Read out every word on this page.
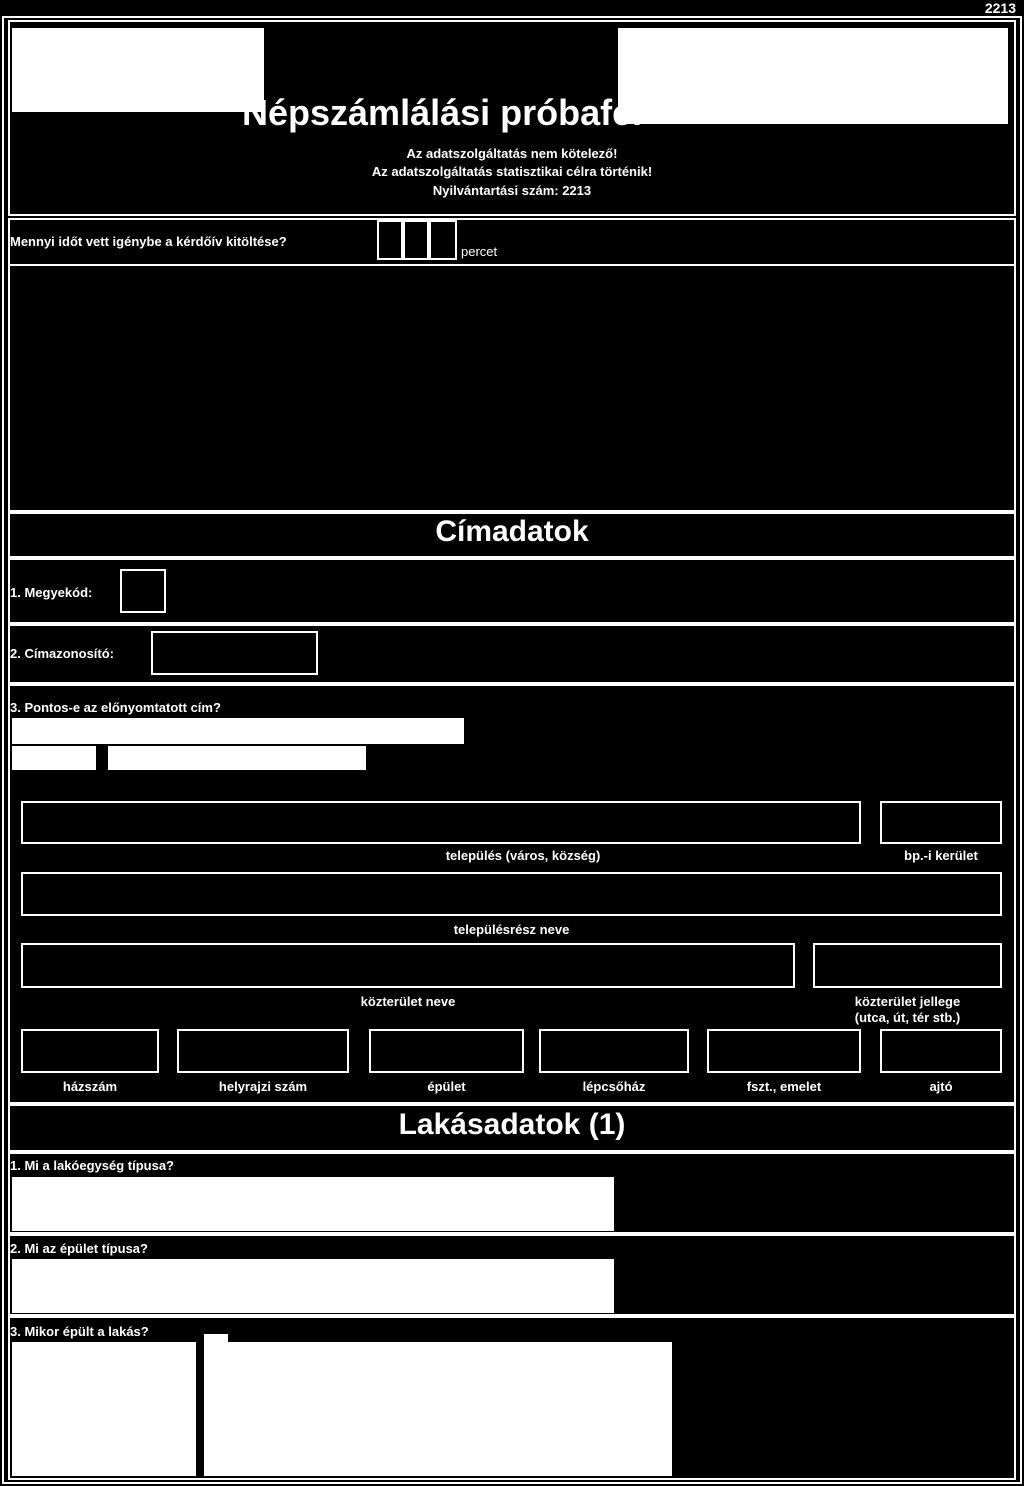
2213
Népszámlálási próbafel
Az adatszolgáltatás nem kötelező!
Az adatszolgáltatás statisztikai célra történik!
Nyilvántartási szám: 2213
Mennyi időt vett igénybe a kérdőív kitöltése?
percet
Címadatok
1. Megyekód:
2. Címazonosító:
3. Pontos-e az előnyomtatott cím?
település (város, község)	bp.-i kerület
településrész neve
közterület neve	közterület jellege
(utca, út, tér stb.)
házszám	helyrajzi szám	épület	lépcsőház	fszt., emelet	ajtó
Lakásadatok (1)
1. Mi a lakóegység típusa?
2. Mi az épület típusa?
3. Mikor épült a lakás?
